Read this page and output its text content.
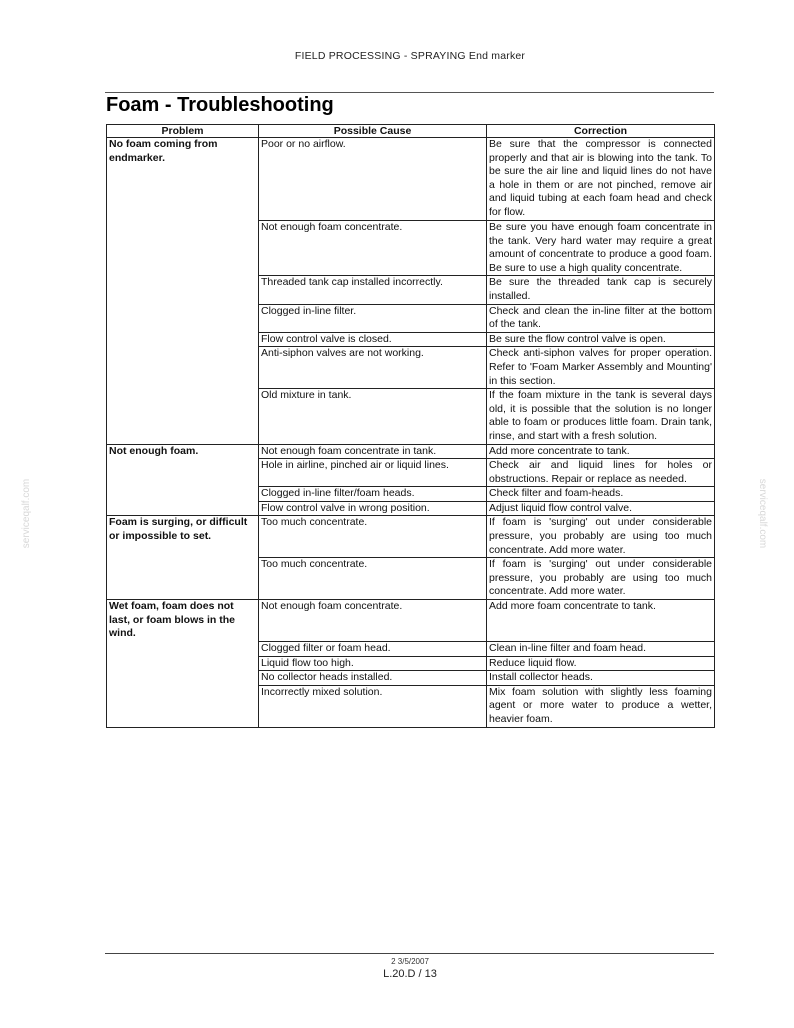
FIELD PROCESSING - SPRAYING End marker
Foam - Troubleshooting
Problem	Possible Cause	Correction
No foam coming from endmarker.	Poor or no airflow.	Be sure that the compressor is connected properly and that air is blowing into the tank. To be sure the air line and liquid lines do not have a hole in them or are not pinched, remove air and liquid tubing at each foam head and check for flow.
	Not enough foam concentrate.	Be sure you have enough foam concentrate in the tank. Very hard water may require a great amount of concentrate to produce a good foam. Be sure to use a high quality concentrate.
	Threaded tank cap installed incorrectly.	Be sure the threaded tank cap is securely installed.
	Clogged in-line filter.	Check and clean the in-line filter at the bottom of the tank.
	Flow control valve is closed.	Be sure the flow control valve is open.
	Anti-siphon valves are not working.	Check anti-siphon valves for proper operation. Refer to 'Foam Marker Assembly and Mounting' in this section.
	Old mixture in tank.	If the foam mixture in the tank is several days old, it is possible that the solution is no longer able to foam or produces little foam. Drain tank, rinse, and start with a fresh solution.
Not enough foam.	Not enough foam concentrate in tank.	Add more concentrate to tank.
	Hole in airline, pinched air or liquid lines.	Check air and liquid lines for holes or obstructions. Repair or replace as needed.
	Clogged in-line filter/foam heads.	Check filter and foam-heads.
	Flow control valve in wrong position.	Adjust liquid flow control valve.
Foam is surging, or difficult or impossible to set.	Too much concentrate.	If foam is 'surging' out under considerable pressure, you probably are using too much concentrate. Add more water.
	Too much concentrate.	If foam is 'surging' out under considerable pressure, you probably are using too much concentrate. Add more water.
Wet foam, foam does not last, or foam blows in the wind.	Not enough foam concentrate.	Add more foam concentrate to tank.
	Clogged filter or foam head.	Clean in-line filter and foam head.
	Liquid flow too high.	Reduce liquid flow.
	No collector heads installed.	Install collector heads.
	Incorrectly mixed solution.	Mix foam solution with slightly less foaming agent or more water to produce a wetter, heavier foam.
serviceqalf.com	serviceqalf.com
2 3/5/2007
L.20.D / 13
